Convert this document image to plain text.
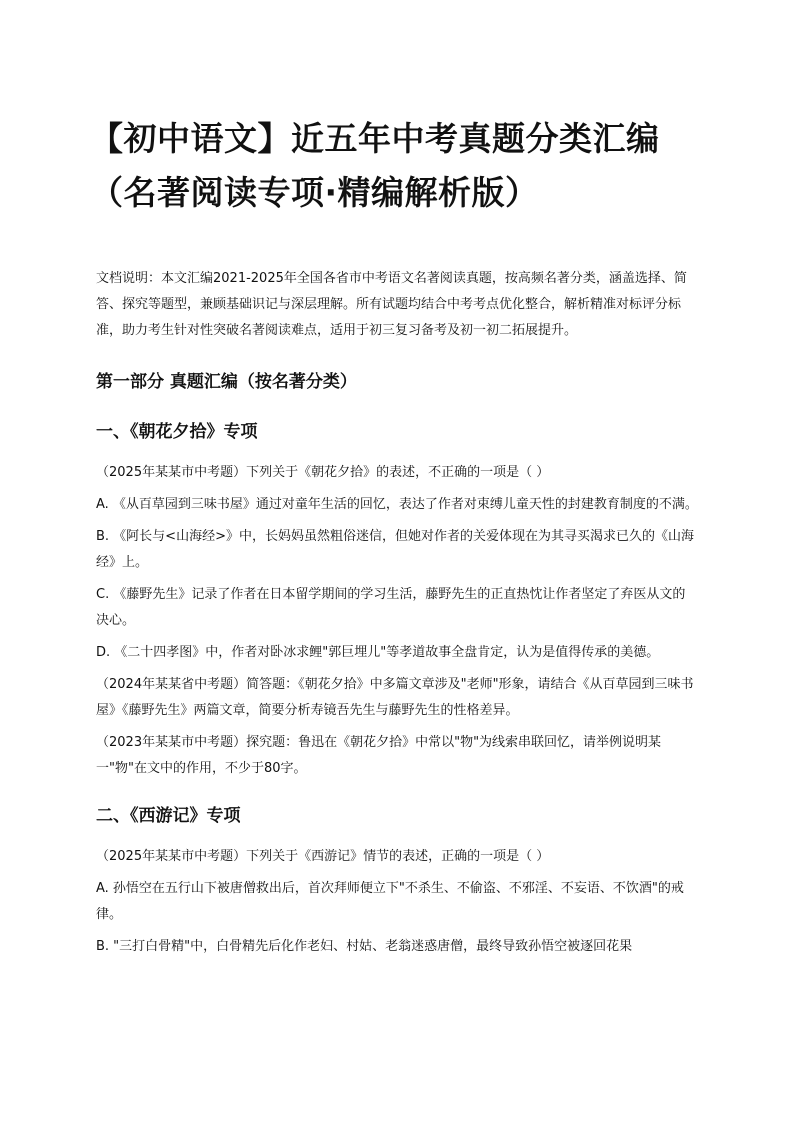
【初中语文】近五年中考真题分类汇编
（名著阅读专项·精编解析版）

文档说明：本文汇编2021-2025年全国各省市中考语文名著阅读真题，按高频名著分类，涵盖选择、简答、探究等题型，兼顾基础识记与深层理解。所有试题均结合中考考点优化整合，解析精准对标评分标准，助力考生针对性突破名著阅读难点，适用于初三复习备考及初一初二拓展提升。

第一部分 真题汇编（按名著分类）
一、《朝花夕拾》专项

（2025年某某市中考题）下列关于《朝花夕拾》的表述，不正确的一项是（ ）

A. 《从百草园到三味书屋》通过对童年生活的回忆，表达了作者对束缚儿童天性的封建教育制度的不满。

B. 《阿长与<山海经>》中，长妈妈虽然粗俗迷信，但她对作者的关爱体现在为其寻买渴求已久的《山海经》上。

C. 《藤野先生》记录了作者在日本留学期间的学习生活，藤野先生的正直热忱让作者坚定了弃医从文的决心。

D. 《二十四孝图》中，作者对卧冰求鲤"郭巨埋儿"等孝道故事全盘肯定，认为是值得传承的美德。

（2024年某某省中考题）简答题：《朝花夕拾》中多篇文章涉及"老师"形象，请结合《从百草园到三味书屋》《藤野先生》两篇文章，简要分析寿镜吾先生与藤野先生的性格差异。

（2023年某某市中考题）探究题：鲁迅在《朝花夕拾》中常以"物"为线索串联回忆，请举例说明某一"物"在文中的作用，不少于80字。

二、《西游记》专项

（2025年某某市中考题）下列关于《西游记》情节的表述，正确的一项是（ ）

A. 孙悟空在五行山下被唐僧救出后，首次拜师便立下"不杀生、不偷盗、不邪淫、不妄语、不饮酒"的戒律。

B. "三打白骨精"中，白骨精先后化作老妇、村姑、老翁迷惑唐僧，最终导致孙悟空被逐回花果
